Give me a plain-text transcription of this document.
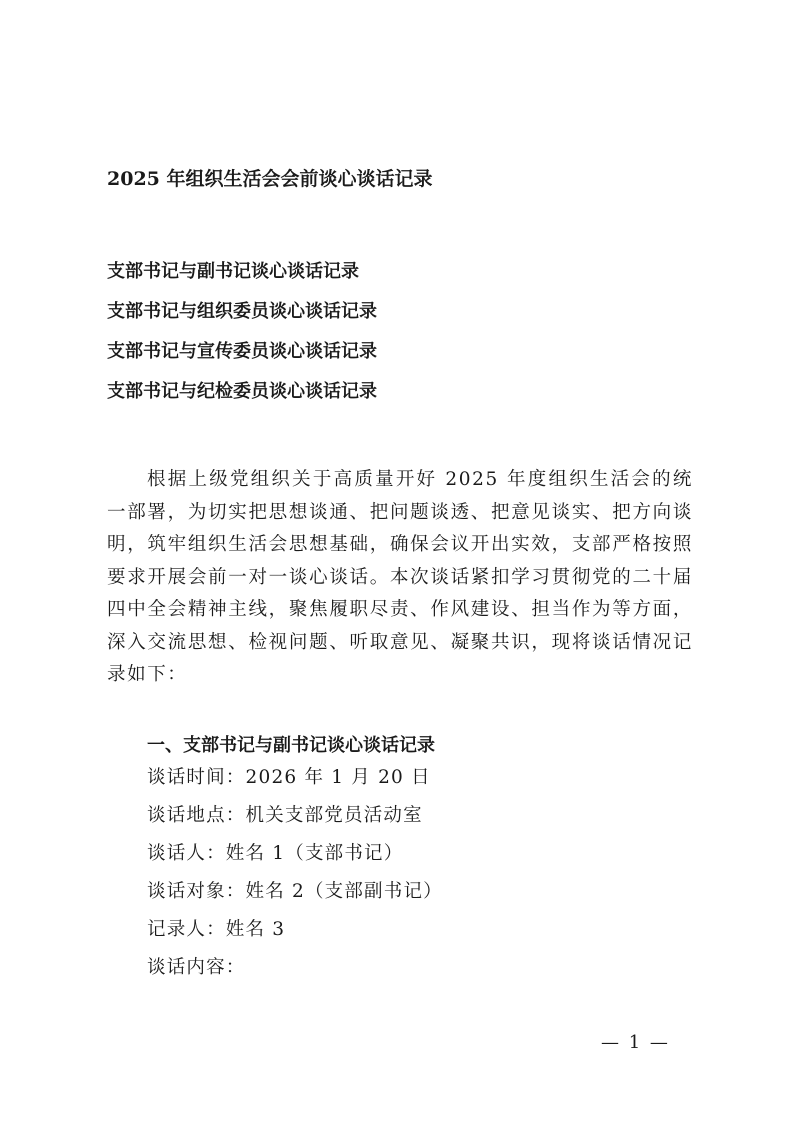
2025 年组织生活会会前谈心谈话记录
支部书记与副书记谈心谈话记录
支部书记与组织委员谈心谈话记录
支部书记与宣传委员谈心谈话记录
支部书记与纪检委员谈心谈话记录

根据上级党组织关于高质量开好 2025 年度组织生活会的统一部署，为切实把思想谈通、把问题谈透、把意见谈实、把方向谈明，筑牢组织生活会思想基础，确保会议开出实效，支部严格按照要求开展会前一对一谈心谈话。本次谈话紧扣学习贯彻党的二十届四中全会精神主线，聚焦履职尽责、作风建设、担当作为等方面，深入交流思想、检视问题、听取意见、凝聚共识，现将谈话情况记录如下：

一、支部书记与副书记谈心谈话记录
谈话时间：2026 年 1 月 20 日
谈话地点：机关支部党员活动室
谈话人：姓名 1（支部书记）
谈话对象：姓名 2（支部副书记）
记录人：姓名 3
谈话内容：
— 1 —
